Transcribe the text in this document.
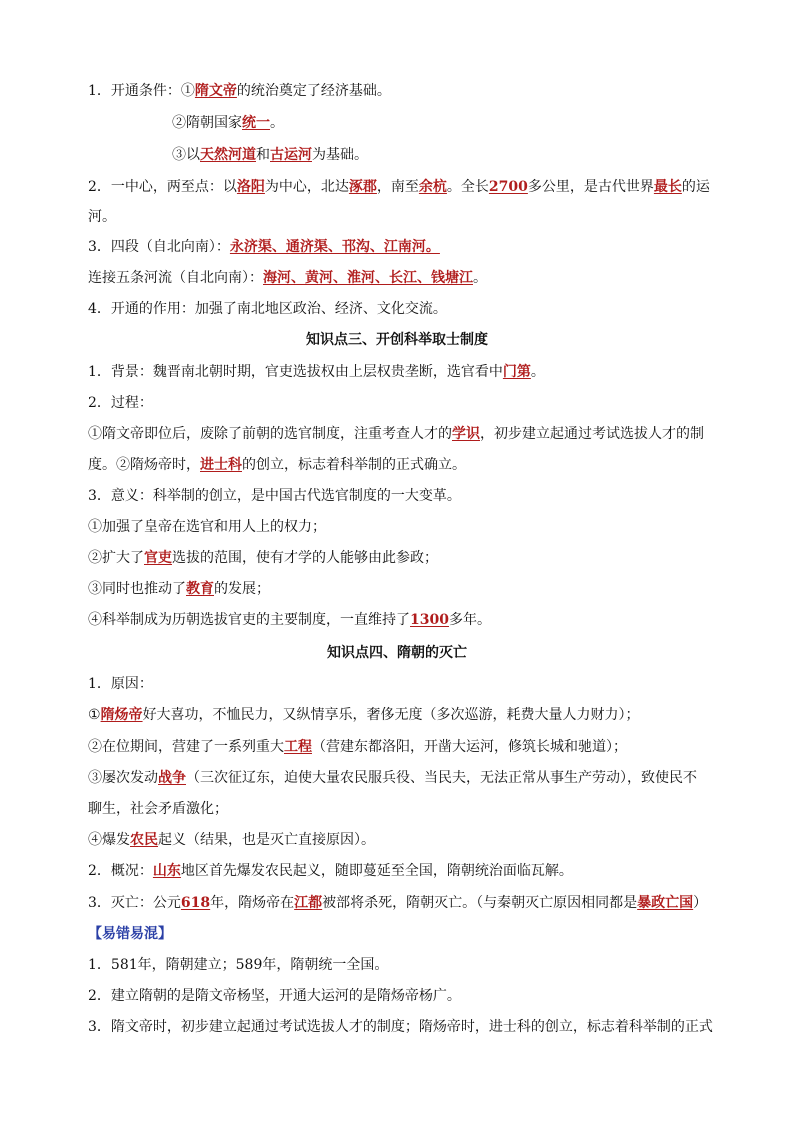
1．开通条件：①隋文帝的统治奠定了经济基础。
②隋朝国家统一。
③以天然河道和古运河为基础。
2．一中心，两至点：以洛阳为中心，北达涿郡，南至余杭。全长2700多公里，是古代世界最长的运
河。
3．四段（自北向南）：永济渠、通济渠、邗沟、江南河。
连接五条河流（自北向南）：海河、黄河、淮河、长江、钱塘江。
4．开通的作用：加强了南北地区政治、经济、文化交流。
知识点三、开创科举取士制度
1．背景：魏晋南北朝时期，官吏选拔权由上层权贵垄断，选官看中门第。
2．过程：
①隋文帝即位后，废除了前朝的选官制度，注重考查人才的学识，初步建立起通过考试选拔人才的制
度。②隋炀帝时，进士科的创立，标志着科举制的正式确立。
3．意义：科举制的创立，是中国古代选官制度的一大变革。
①加强了皇帝在选官和用人上的权力；
②扩大了官吏选拔的范围，使有才学的人能够由此参政；
③同时也推动了教育的发展；
④科举制成为历朝选拔官吏的主要制度，一直维持了1300多年。
知识点四、隋朝的灭亡
1．原因：
①隋炀帝好大喜功，不恤民力，又纵情享乐，奢侈无度（多次巡游，耗费大量人力财力）；
②在位期间，营建了一系列重大工程（营建东都洛阳，开凿大运河，修筑长城和驰道）；
③屡次发动战争（三次征辽东，迫使大量农民服兵役、当民夫，无法正常从事生产劳动），致使民不
聊生，社会矛盾激化；
④爆发农民起义（结果，也是灭亡直接原因）。
2．概况：山东地区首先爆发农民起义，随即蔓延至全国，隋朝统治面临瓦解。
3．灭亡：公元618年，隋炀帝在江都被部将杀死，隋朝灭亡。（与秦朝灭亡原因相同都是暴政亡国）
【易错易混】
1．581年，隋朝建立；589年，隋朝统一全国。
2．建立隋朝的是隋文帝杨坚，开通大运河的是隋炀帝杨广。
3．隋文帝时，初步建立起通过考试选拔人才的制度；隋炀帝时，进士科的创立，标志着科举制的正式
